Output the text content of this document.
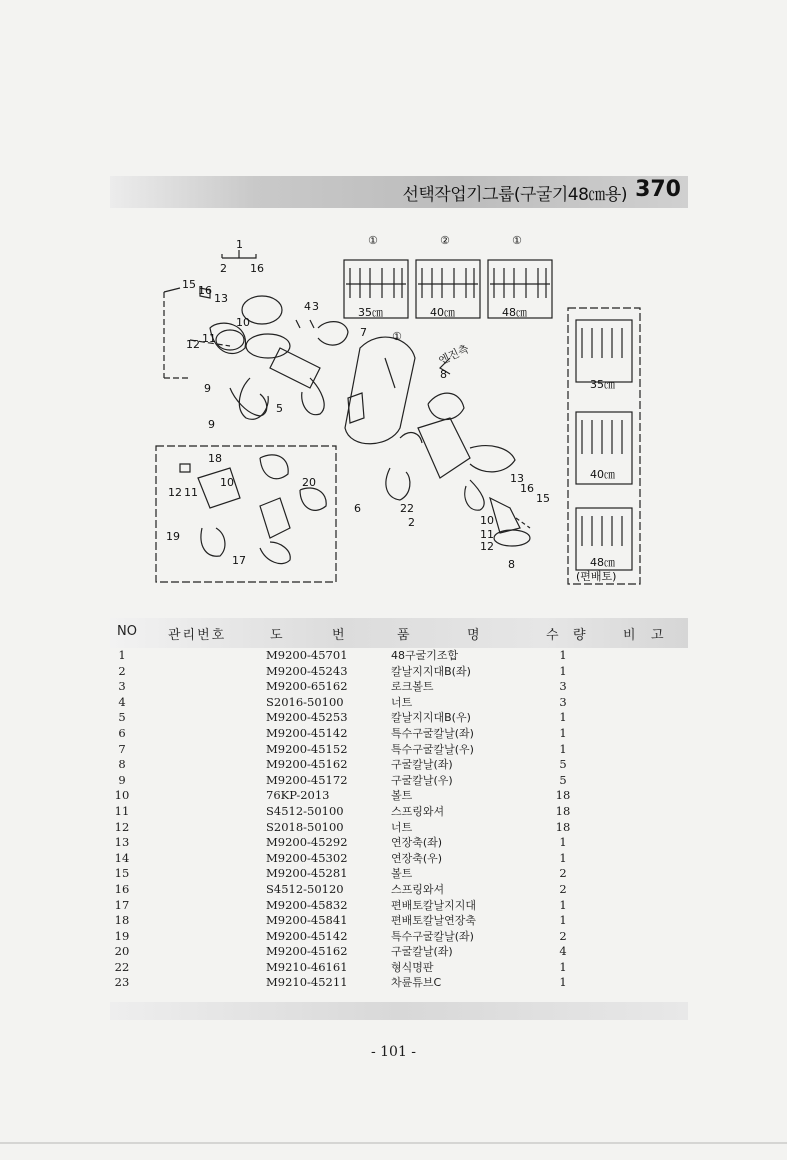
선택작업기그룹(구굴기48㎝용) 370
엔진측
1
2 16
①	②	①
35㎝	40㎝	48㎝
35㎝
40㎝
48㎝
(편배토)
①
15 16
13
10
12 11
9
4 3
7
5
9
8
18
12 11
10	20
19
17
6	22
2
13
16
15
10
11
12
8
NO 관리번호	도	번	품	명	수 량	비 고
1	M9200-45701	48구굴기조합	1
2	M9200-45243	칼날지지대B(좌)	1
3	M9200-65162	로크볼트	3
4	S2016-50100	너트	3
5	M9200-45253	칼날지지대B(우)	1
6	M9200-45142	특수구굴칼날(좌)	1
7	M9200-45152	특수구굴칼날(우)	1
8	M9200-45162	구굴칼날(좌)	5
9	M9200-45172	구굴칼날(우)	5
10	76KP-2013	볼트	18
11	S4512-50100	스프링와셔	18
12	S2018-50100	너트	18
13	M9200-45292	연장축(좌)	1
14	M9200-45302	연장축(우)	1
15	M9200-45281	볼트	2
16	S4512-50120	스프링와셔	2
17	M9200-45832	편배토칼날지지대	1
18	M9200-45841	편배토칼날연장축	1
19	M9200-45142	특수구굴칼날(좌)	2
20	M9200-45162	구굴칼날(좌)	4
22	M9210-46161	형식명판	1
23	M9210-45211	차륜튜브C	1
- 101 -
